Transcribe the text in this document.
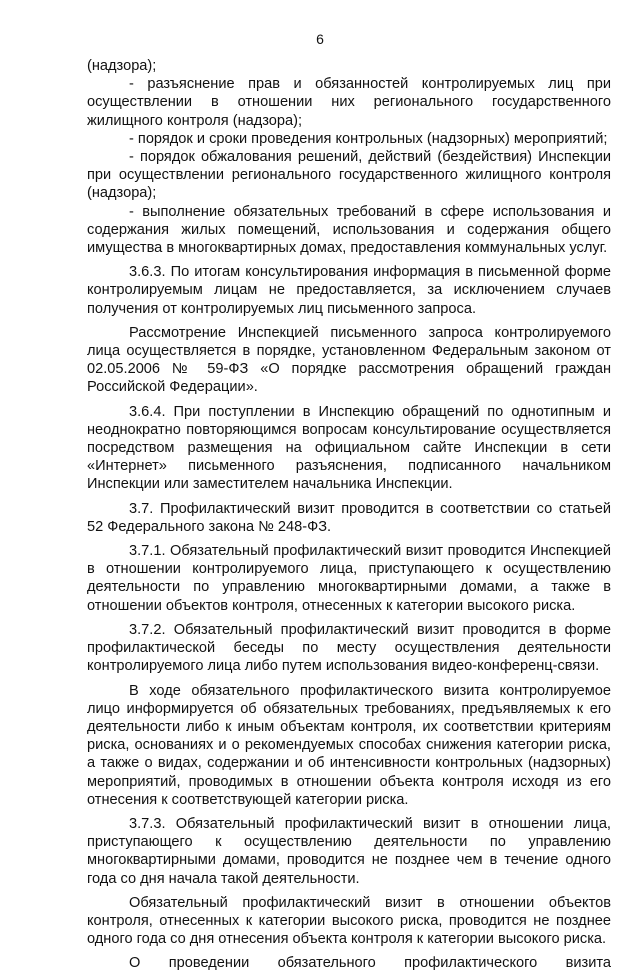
6

(надзора);

- разъяснение прав и обязанностей контролируемых лиц при осуществлении в отношении них регионального государственного жилищного контроля (надзора);

- порядок и сроки проведения контрольных (надзорных) мероприятий;

- порядок обжалования решений, действий (бездействия) Инспекции при осуществлении регионального государственного жилищного контроля (надзора);

- выполнение обязательных требований в сфере использования и содержания жилых помещений, использования и содержания общего имущества в многоквартирных домах, предоставления коммунальных услуг.

3.6.3. По итогам консультирования информация в письменной форме контролируемым лицам не предоставляется, за исключением случаев получения от контролируемых лиц письменного запроса.

Рассмотрение Инспекцией письменного запроса контролируемого лица осуществляется в порядке, установленном Федеральным законом от 02.05.2006 № 59-ФЗ «О порядке рассмотрения обращений граждан Российской Федерации».

3.6.4. При поступлении в Инспекцию обращений по однотипным и неоднократно повторяющимся вопросам консультирование осуществляется посредством размещения на официальном сайте Инспекции в сети «Интернет» письменного разъяснения, подписанного начальником Инспекции или заместителем начальника Инспекции.

3.7. Профилактический визит проводится в соответствии со статьей 52 Федерального закона № 248-ФЗ.

3.7.1. Обязательный профилактический визит проводится Инспекцией в отношении контролируемого лица, приступающего к осуществлению деятельности по управлению многоквартирными домами, а также в отношении объектов контроля, отнесенных к категории высокого риска.

3.7.2. Обязательный профилактический визит проводится в форме профилактической беседы по месту осуществления деятельности контролируемого лица либо путем использования видео-конференц-связи.

В ходе обязательного профилактического визита контролируемое лицо информируется об обязательных требованиях, предъявляемых к его деятельности либо к иным объектам контроля, их соответствии критериям риска, основаниях и о рекомендуемых способах снижения категории риска, а также о видах, содержании и об интенсивности контрольных (надзорных) мероприятий, проводимых в отношении объекта контроля исходя из его отнесения к соответствующей категории риска.

3.7.3. Обязательный профилактический визит в отношении лица, приступающего к осуществлению деятельности по управлению многоквартирными домами, проводится не позднее чем в течение одного года со дня начала такой деятельности.

Обязательный профилактический визит в отношении объектов контроля, отнесенных к категории высокого риска, проводится не позднее одного года со дня отнесения объекта контроля к категории высокого риска.

О проведении обязательного профилактического визита
